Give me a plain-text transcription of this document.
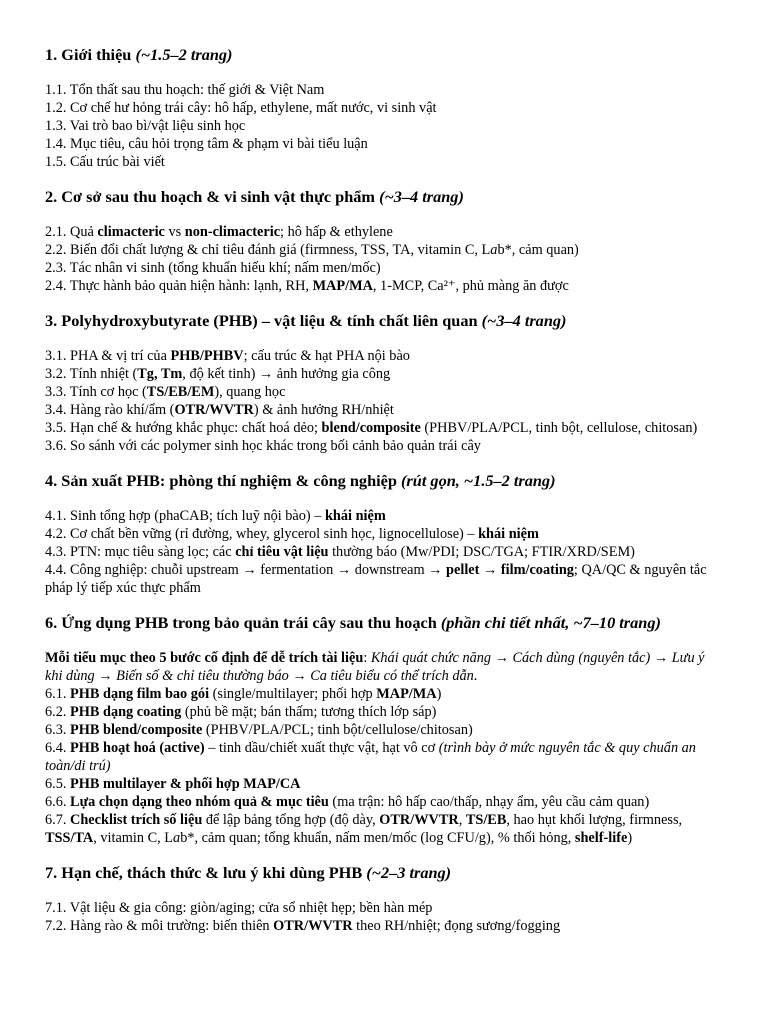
1. Giới thiệu (~1.5–2 trang)

1.1. Tổn thất sau thu hoạch: thế giới & Việt Nam

1.2. Cơ chế hư hỏng trái cây: hô hấp, ethylene, mất nước, vi sinh vật

1.3. Vai trò bao bì/vật liệu sinh học

1.4. Mục tiêu, câu hỏi trọng tâm & phạm vi bài tiểu luận

1.5. Cấu trúc bài viết

2. Cơ sở sau thu hoạch & vi sinh vật thực phẩm (~3–4 trang)

2.1. Quả climacteric vs non-climacteric; hô hấp & ethylene

2.2. Biến đổi chất lượng & chỉ tiêu đánh giá (firmness, TSS, TA, vitamin C, Lab*, cảm quan)

2.3. Tác nhân vi sinh (tổng khuẩn hiếu khí; nấm men/mốc)

2.4. Thực hành bảo quản hiện hành: lạnh, RH, MAP/MA, 1-MCP, Ca²⁺, phủ màng ăn được

3. Polyhydroxybutyrate (PHB) – vật liệu & tính chất liên quan (~3–4 trang)

3.1. PHA & vị trí của PHB/PHBV; cấu trúc & hạt PHA nội bào

3.2. Tính nhiệt (Tg, Tm, độ kết tinh) → ảnh hưởng gia công

3.3. Tính cơ học (TS/EB/EM), quang học

3.4. Hàng rào khí/ẩm (OTR/WVTR) & ảnh hưởng RH/nhiệt

3.5. Hạn chế & hướng khắc phục: chất hoá dẻo; blend/composite (PHBV/PLA/PCL, tinh bột, cellulose, chitosan)

3.6. So sánh với các polymer sinh học khác trong bối cảnh bảo quản trái cây

4. Sản xuất PHB: phòng thí nghiệm & công nghiệp (rút gọn, ~1.5–2 trang)

4.1. Sinh tổng hợp (phaCAB; tích luỹ nội bào) – khái niệm

4.2. Cơ chất bền vững (rỉ đường, whey, glycerol sinh học, lignocellulose) – khái niệm

4.3. PTN: mục tiêu sàng lọc; các chỉ tiêu vật liệu thường báo (Mw/PDI; DSC/TGA; FTIR/XRD/SEM)

4.4. Công nghiệp: chuỗi upstream → fermentation → downstream → pellet → film/coating; QA/QC & nguyên tắc pháp lý tiếp xúc thực phẩm

6. Ứng dụng PHB trong bảo quản trái cây sau thu hoạch (phần chi tiết nhất, ~7–10 trang)

Mỗi tiểu mục theo 5 bước cố định để dễ trích tài liệu: Khái quát chức năng → Cách dùng (nguyên tắc) → Lưu ý khi dùng → Biến số & chỉ tiêu thường báo → Ca tiêu biểu có thể trích dẫn.

6.1. PHB dạng film bao gói (single/multilayer; phối hợp MAP/MA)

6.2. PHB dạng coating (phủ bề mặt; bán thấm; tương thích lớp sáp)

6.3. PHB blend/composite (PHBV/PLA/PCL; tinh bột/cellulose/chitosan)

6.4. PHB hoạt hoá (active) – tinh dầu/chiết xuất thực vật, hạt vô cơ (trình bày ở mức nguyên tắc & quy chuẩn an toàn/di trú)

6.5. PHB multilayer & phối hợp MAP/CA

6.6. Lựa chọn dạng theo nhóm quả & mục tiêu (ma trận: hô hấp cao/thấp, nhạy ẩm, yêu cầu cảm quan)

6.7. Checklist trích số liệu để lập bảng tổng hợp (độ dày, OTR/WVTR, TS/EB, hao hụt khối lượng, firmness, TSS/TA, vitamin C, Lab*, cảm quan; tổng khuẩn, nấm men/mốc (log CFU/g), % thối hỏng, shelf-life)

7. Hạn chế, thách thức & lưu ý khi dùng PHB (~2–3 trang)

7.1. Vật liệu & gia công: giòn/aging; cửa sổ nhiệt hẹp; bền hàn mép

7.2. Hàng rào & môi trường: biến thiên OTR/WVTR theo RH/nhiệt; đọng sương/fogging
